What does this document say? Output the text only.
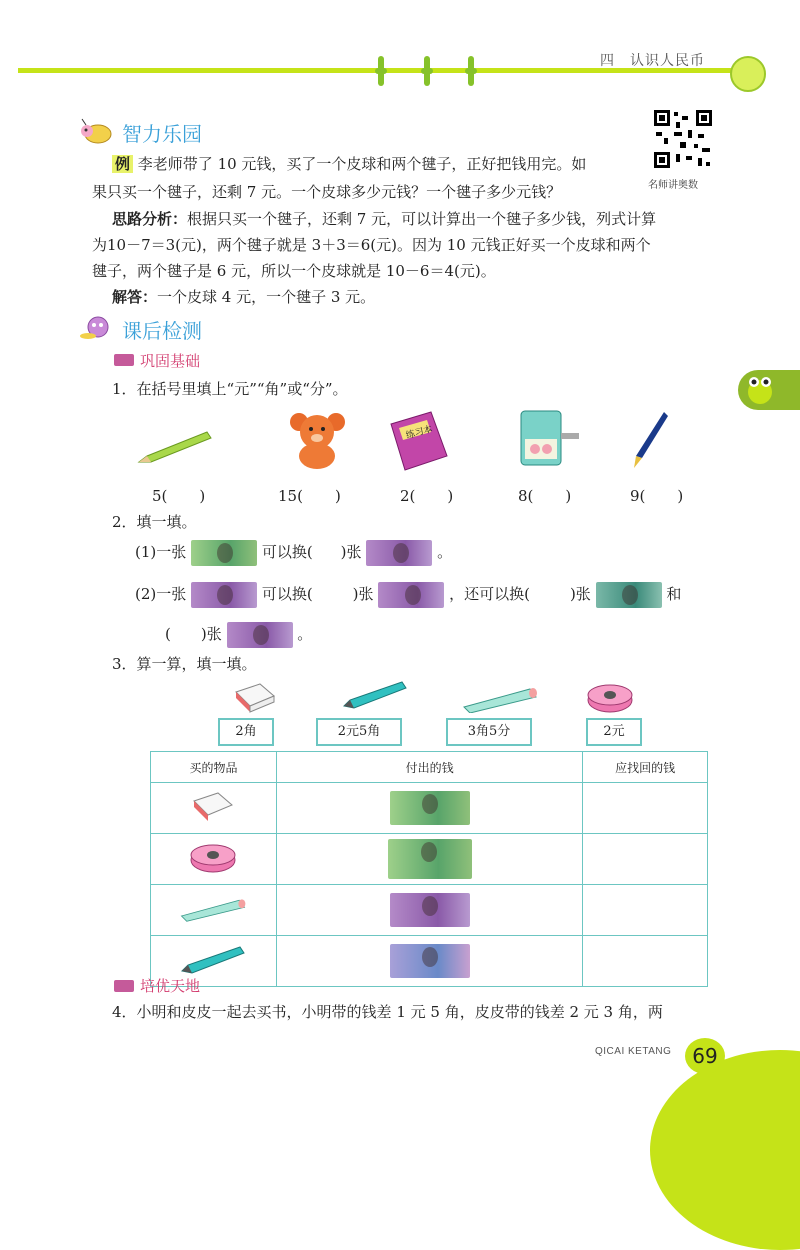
四　认识人民币
智力乐园
名师讲奥数
例 李老师带了 10 元钱，买了一个皮球和两个毽子，正好把钱用完。如
果只买一个毽子，还剩 7 元。一个皮球多少元钱？一个毽子多少元钱？
思路分析：根据只买一个毽子，还剩 7 元，可以计算出一个毽子多少钱，列式计算
为10－7＝3(元)，两个毽子就是 3＋3＝6(元)。因为 10 元钱正好买一个皮球和两个
毽子，两个毽子是 6 元，所以一个皮球就是 10－6＝4(元)。
解答：一个皮球 4 元，一个毽子 3 元。
课后检测
巩固基础
1．在括号里填上“元”“角”或“分”。
练习本
5( )	15( )	2( )	8( )	9( )
2．填一填。
(1)一张	可以换( )张	。
(2)一张	可以换(	)张	，还可以换(	)张	和
( )张	。
3．算一算，填一填。
2角	2元5角	3角5分	2元
买的物品	付出的钱	应找回的钱

培优天地
4．小明和皮皮一起去买书，小明带的钱差 1 元 5 角，皮皮带的钱差 2 元 3 角，两
QICAI KETANG	69
